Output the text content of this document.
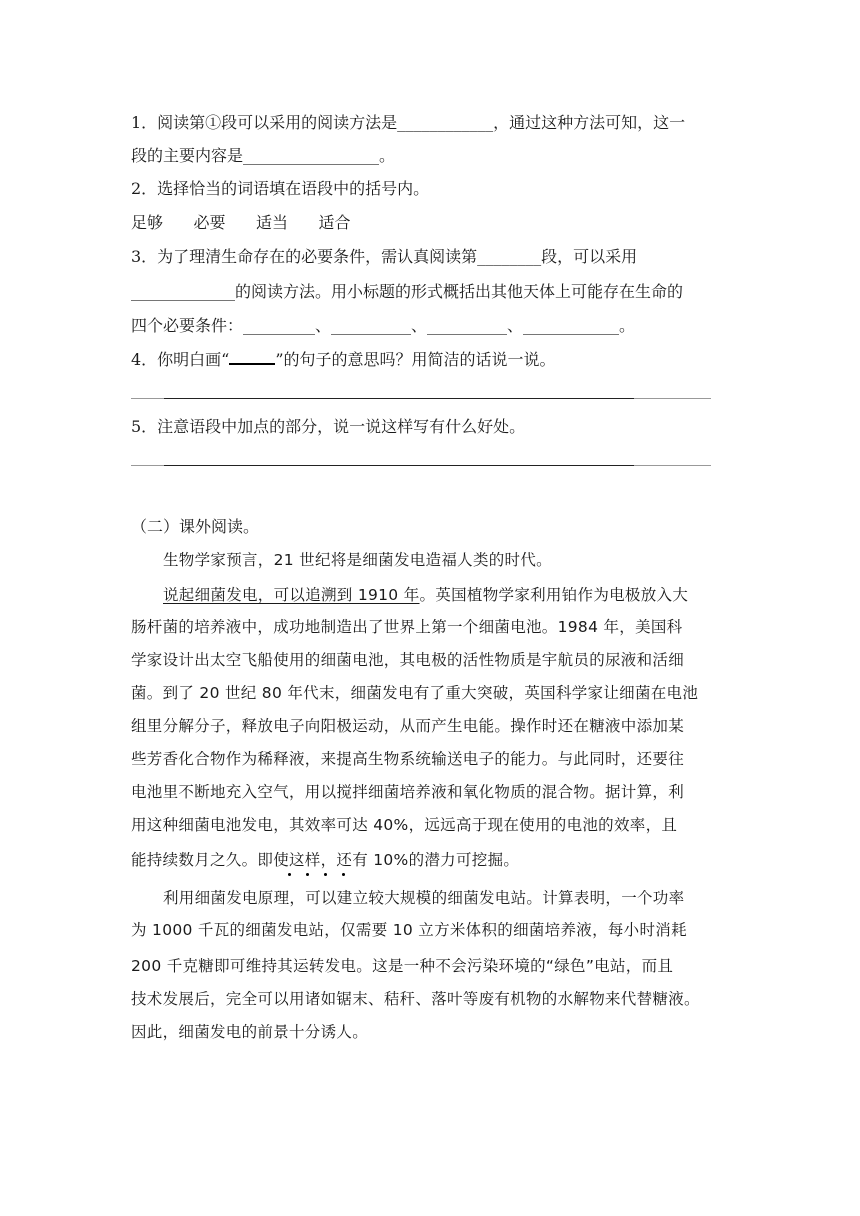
1．阅读第①段可以采用的阅读方法是____________，通过这种方法可知，这一
段的主要内容是_________________。
2．选择恰当的词语填在语段中的括号内。
足够      必要      适当      适合
3．为了理清生命存在的必要条件，需认真阅读第________段，可以采用
_____________的阅读方法。用小标题的形式概括出其他天体上可能存在生命的
四个必要条件：_________、__________、__________、____________。
4．你明白画“	”的句子的意思吗？用简洁的话说一说。
5．注意语段中加点的部分，说一说这样写有什么好处。
（二）课外阅读。
生物学家预言，21 世纪将是细菌发电造福人类的时代。
说起细菌发电，可以追溯到 1910 年。英国植物学家利用铂作为电极放入大
肠杆菌的培养液中，成功地制造出了世界上第一个细菌电池。1984 年，美国科
学家设计出太空飞船使用的细菌电池，其电极的活性物质是宇航员的尿液和活细
菌。到了 20 世纪 80 年代末，细菌发电有了重大突破，英国科学家让细菌在电池
组里分解分子，释放电子向阳极运动，从而产生电能。操作时还在糖液中添加某
些芳香化合物作为稀释液，来提高生物系统输送电子的能力。与此同时，还要往
电池里不断地充入空气，用以搅拌细菌培养液和氧化物质的混合物。据计算，利
用这种细菌电池发电，其效率可达 40%，远远高于现在使用的电池的效率，且
能持续数月之久。即使这样，还有 10%的潜力可挖掘。
利用细菌发电原理，可以建立较大规模的细菌发电站。计算表明，一个功率
为 1000 千瓦的细菌发电站，仅需要 10 立方米体积的细菌培养液，每小时消耗
200 千克糖即可维持其运转发电。这是一种不会污染环境的“绿色”电站，而且
技术发展后，完全可以用诸如锯末、秸秆、落叶等废有机物的水解物来代替糖液。
因此，细菌发电的前景十分诱人。
